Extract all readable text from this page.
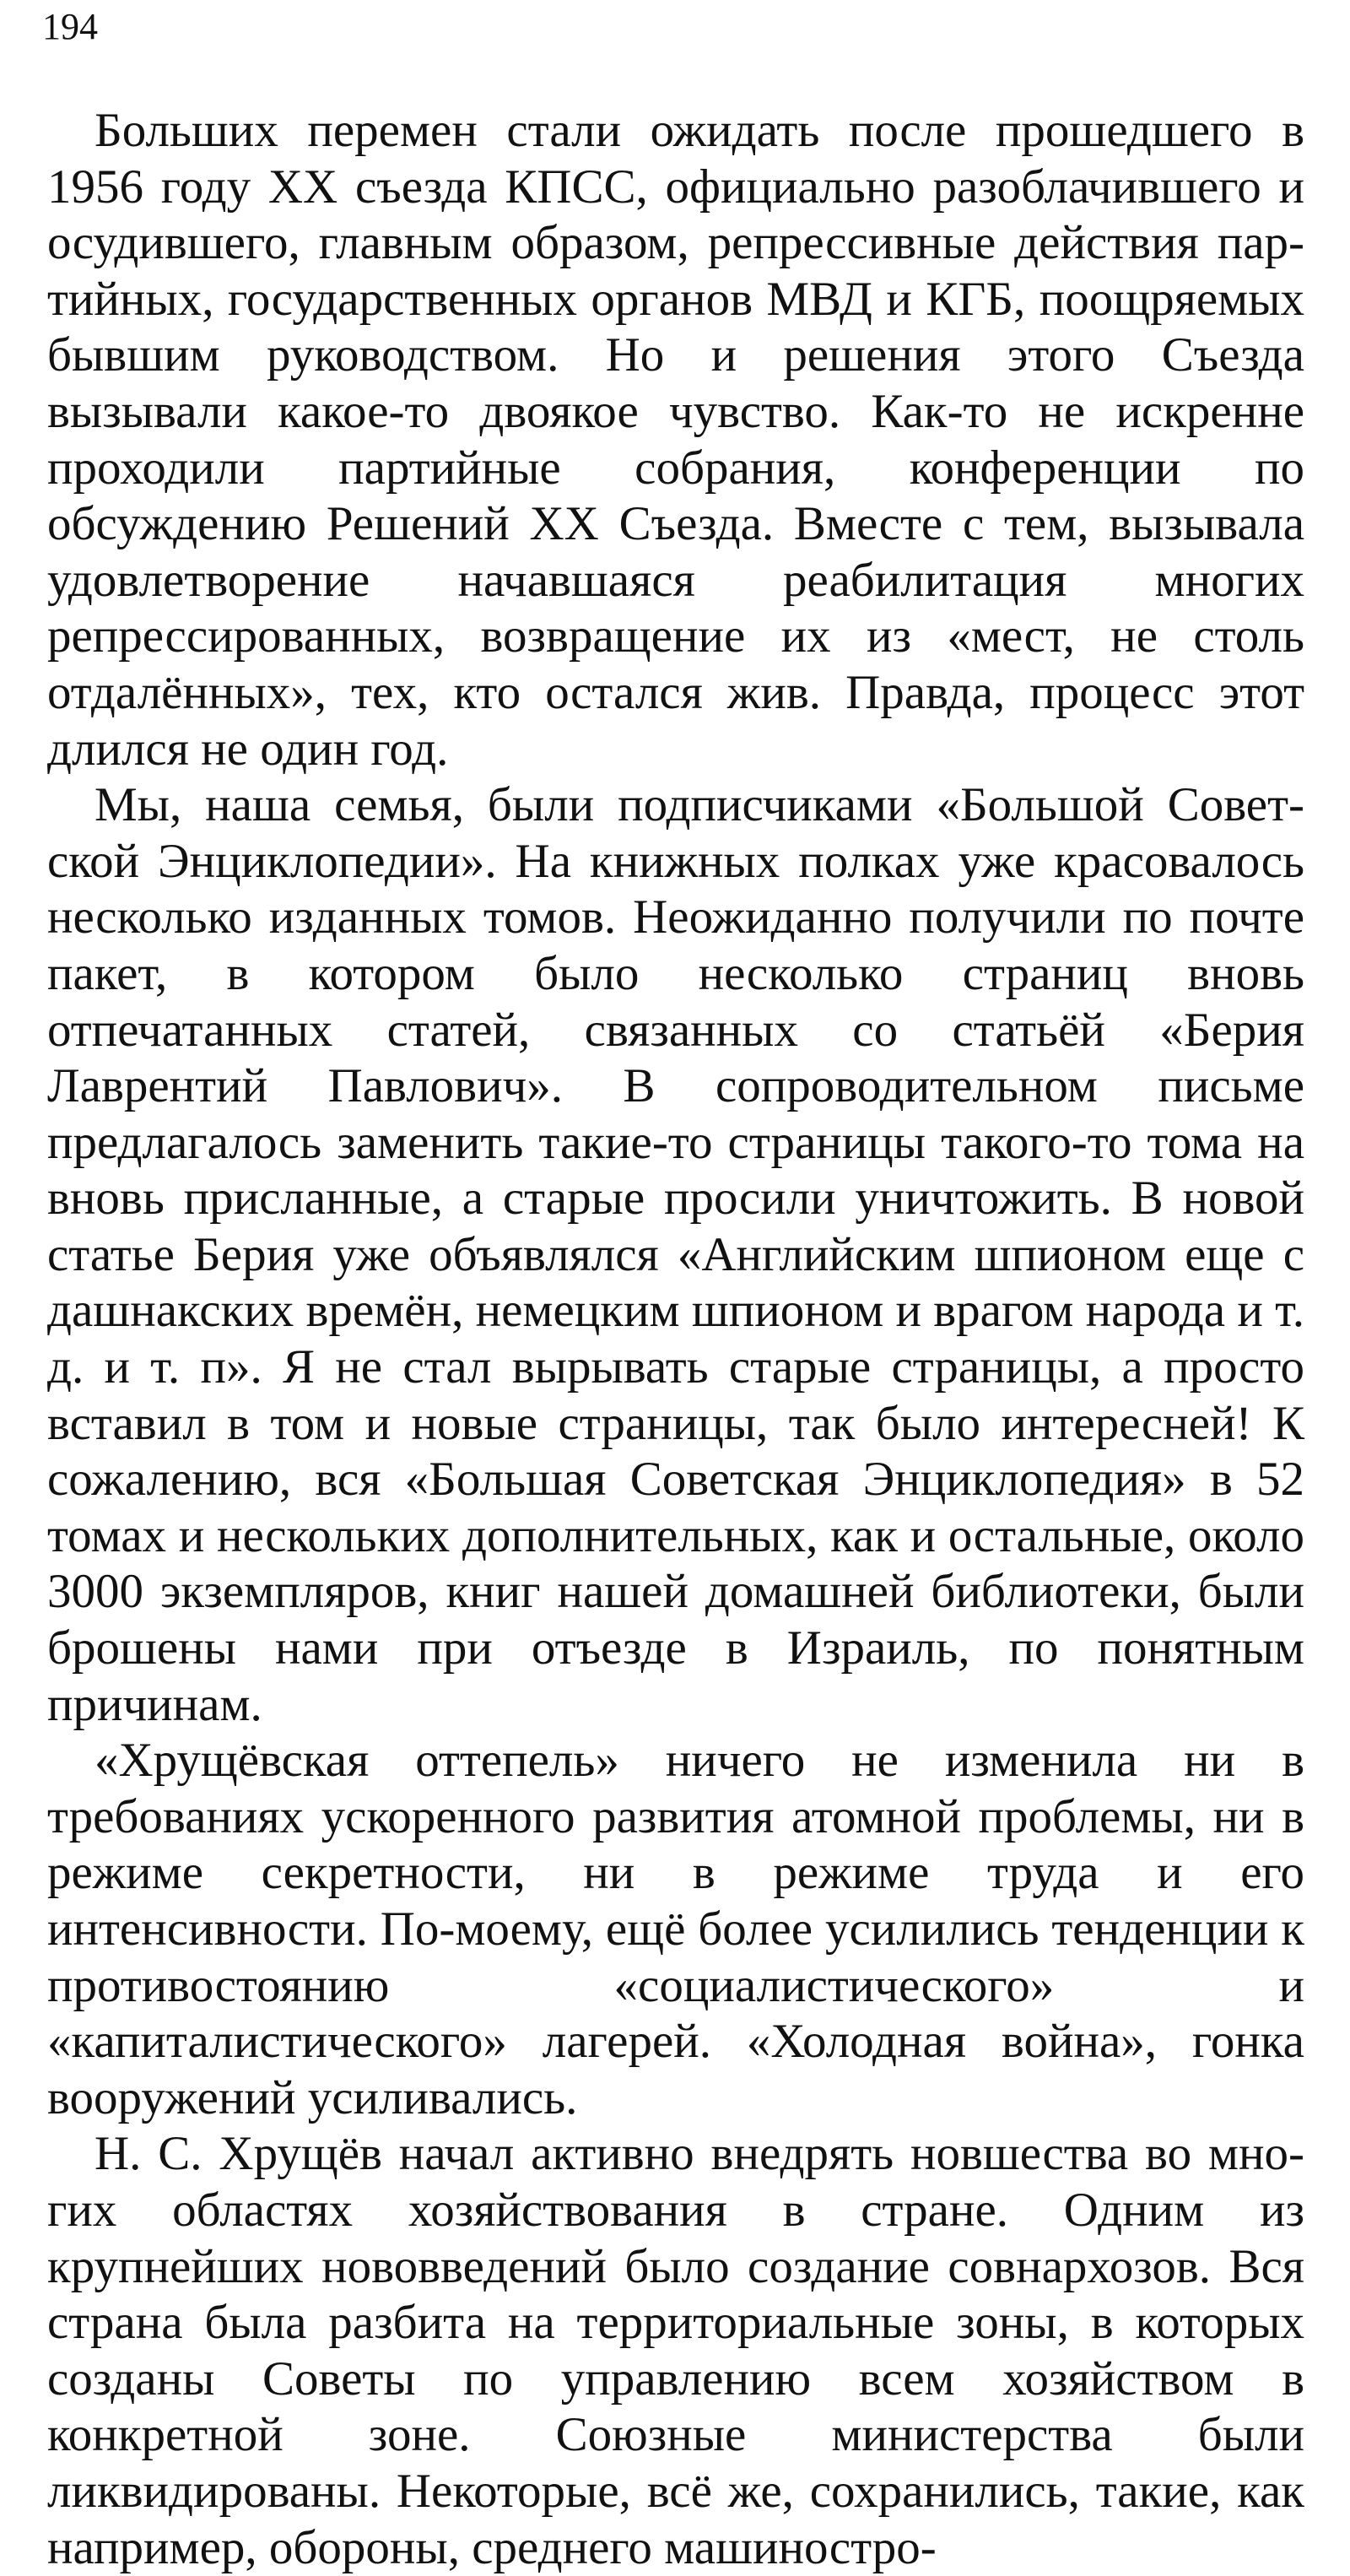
194

Больших перемен стали ожидать после прошедшего в 1956 году XX съезда КПСС, официально разоблачившего и осудившего, главным образом, репрессивные действия партийных, государственных органов МВД и КГБ, поощряемых бывшим руководством. Но и решения этого Съезда вызывали какое-то двоякое чувство. Как-то не искренне проходили партийные собрания, конференции по обсуждению Решений XX Съезда. Вместе с тем, вызывала удовлетворение начавшаяся реабилитация многих репрессированных, возвращение их из «мест, не столь отдалённых», тех, кто остался жив. Правда, процесс этот длился не один год.

Мы, наша семья, были подписчиками «Большой Советской Энциклопедии». На книжных полках уже красовалось несколько изданных томов. Неожиданно получили по почте пакет, в котором было несколько страниц вновь отпечатанных статей, связанных со статьёй «Берия Лаврентий Павлович». В сопроводительном письме предлагалось заменить такие-то страницы такого-то тома на вновь присланные, а старые просили уничтожить. В новой статье Берия уже объявлялся «Английским шпионом еще с дашнакских времён, немецким шпионом и врагом народа и т. д. и т. п». Я не стал вырывать старые страницы, а просто вставил в том и новые страницы, так было интересней! К сожалению, вся «Большая Советская Энциклопедия» в 52 томах и нескольких дополнительных, как и остальные, около 3000 экземпляров, книг нашей домашней библиотеки, были брошены нами при отъезде в Израиль, по понятным причинам.

«Хрущёвская оттепель» ничего не изменила ни в требованиях ускоренного развития атомной проблемы, ни в режиме секретности, ни в режиме труда и его интенсивности. По-моему, ещё более усилились тенденции к противостоянию «социалистического» и «капиталистического» лагерей. «Холодная война», гонка вооружений усиливались.

Н. С. Хрущёв начал активно внедрять новшества во многих областях хозяйствования в стране. Одним из крупнейших нововведений было создание совнархозов. Вся страна была разбита на территориальные зоны, в которых созданы Советы по управлению всем хозяйством в конкретной зоне. Союзные министерства были ликвидированы. Некоторые, всё же, сохранились, такие, как например, обороны, среднего машиностро-
